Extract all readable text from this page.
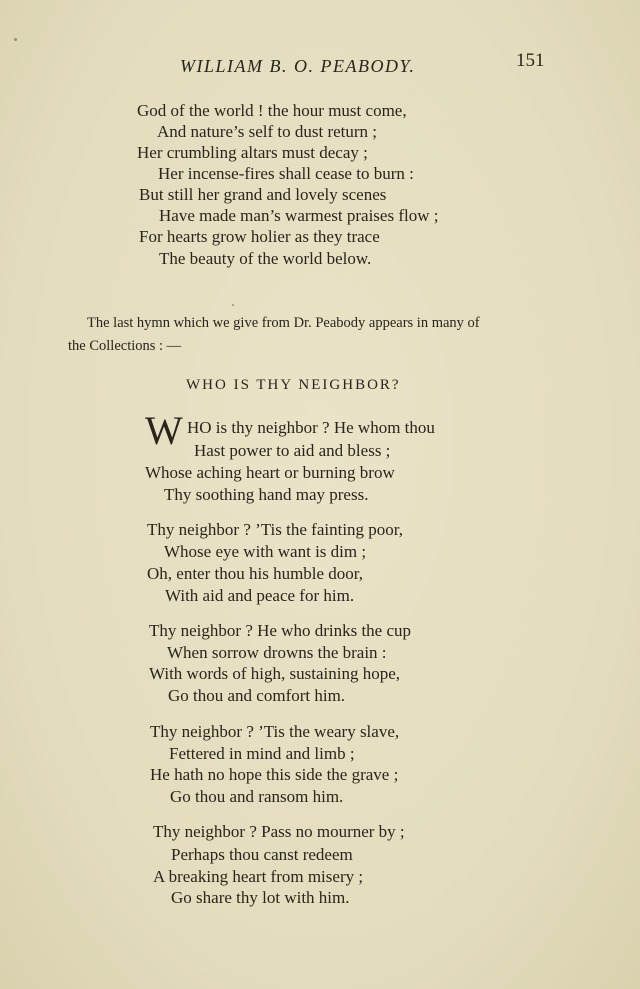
WILLIAM B. O. PEABODY.	151
God of the world ! the hour must come,
And nature’s self to dust return ;
Her crumbling altars must decay ;
Her incense-fires shall cease to burn :
But still her grand and lovely scenes
Have made man’s warmest praises flow ;
For hearts grow holier as they trace
The beauty of the world below.
The last hymn which we give from Dr. Peabody appears in many of
the Collections : —
WHO IS THY NEIGHBOR?
W HO is thy neighbor ? He whom thou
Hast power to aid and bless ;
Whose aching heart or burning brow
Thy soothing hand may press.
Thy neighbor ? ’Tis the fainting poor,
Whose eye with want is dim ;
Oh, enter thou his humble door,
With aid and peace for him.
Thy neighbor ? He who drinks the cup
When sorrow drowns the brain :
With words of high, sustaining hope,
Go thou and comfort him.
Thy neighbor ? ’Tis the weary slave,
Fettered in mind and limb ;
He hath no hope this side the grave ;
Go thou and ransom him.
Thy neighbor ? Pass no mourner by ;
Perhaps thou canst redeem
A breaking heart from misery ;
Go share thy lot with him.
